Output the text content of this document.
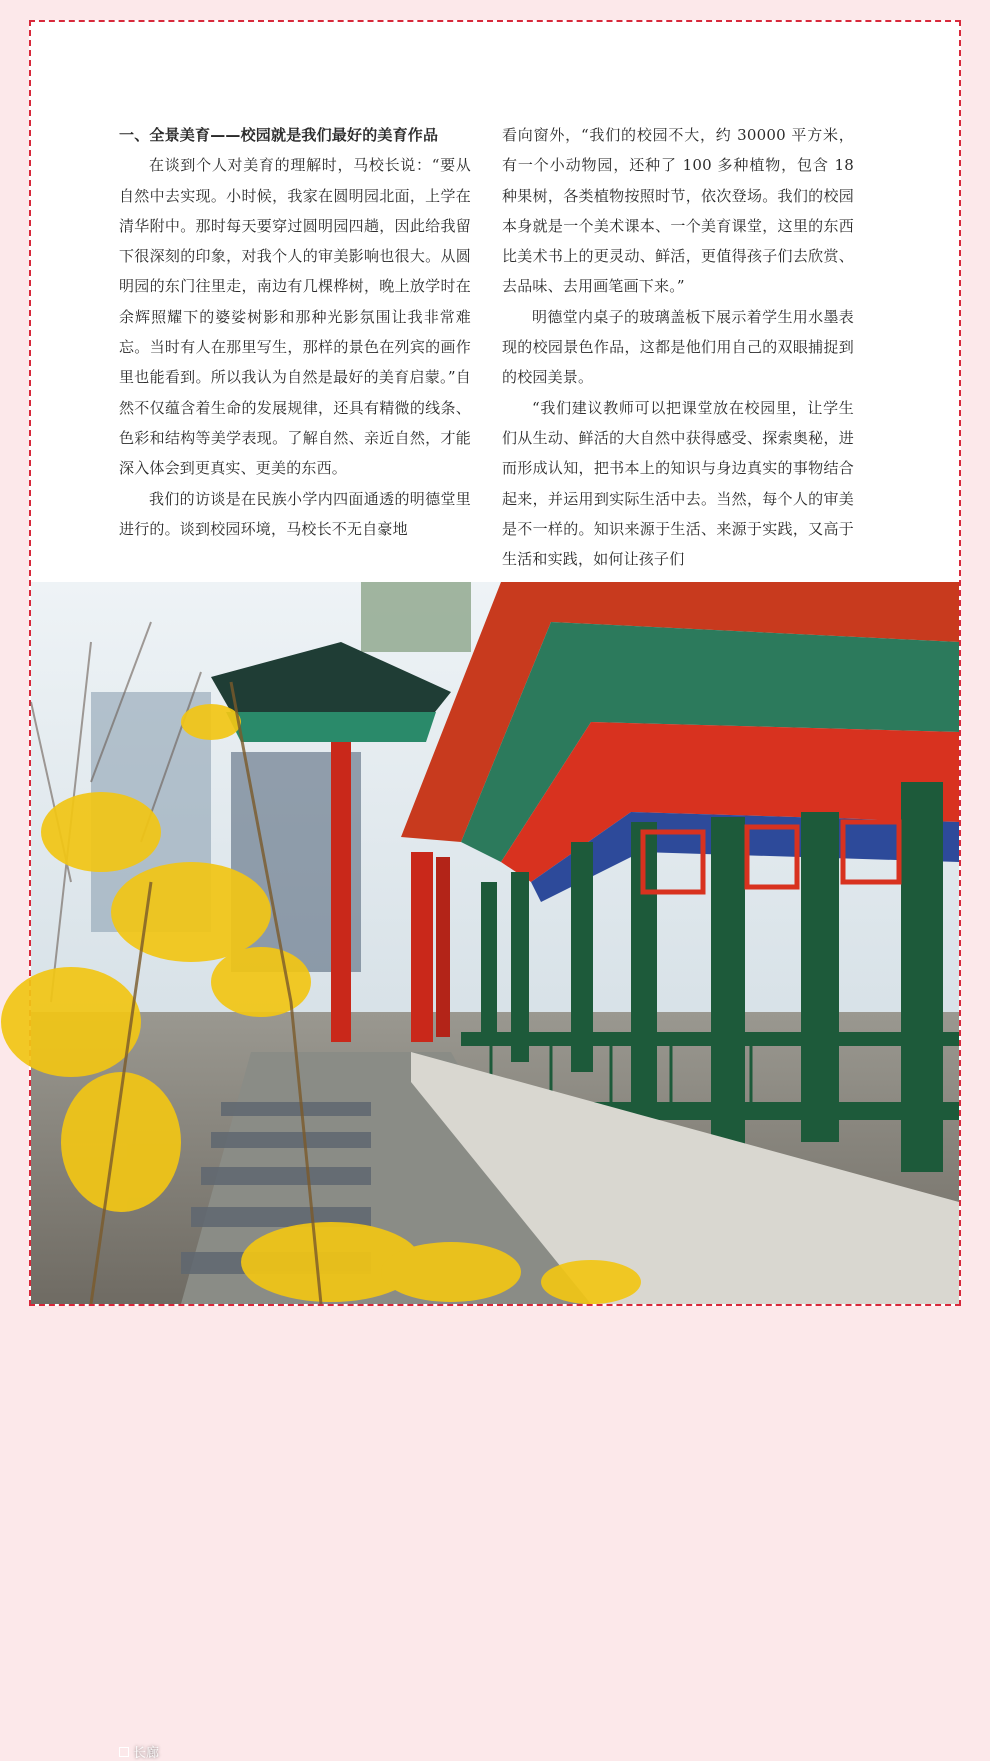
一、全景美育——校园就是我们最好的美育作品

在谈到个人对美育的理解时，马校长说：“要从自然中去实现。小时候，我家在圆明园北面，上学在清华附中。那时每天要穿过圆明园四趟，因此给我留下很深刻的印象，对我个人的审美影响也很大。从圆明园的东门往里走，南边有几棵桦树，晚上放学时在余辉照耀下的婆娑树影和那种光影氛围让我非常难忘。当时有人在那里写生，那样的景色在列宾的画作里也能看到。所以我认为自然是最好的美育启蒙。”自然不仅蕴含着生命的发展规律，还具有精微的线条、色彩和结构等美学表现。了解自然、亲近自然，才能深入体会到更真实、更美的东西。

我们的访谈是在民族小学内四面通透的明德堂里进行的。谈到校园环境，马校长不无自豪地

看向窗外，“我们的校园不大，约 30000 平方米，有一个小动物园，还种了 100 多种植物，包含 18 种果树，各类植物按照时节，依次登场。我们的校园本身就是一个美术课本、一个美育课堂，这里的东西比美术书上的更灵动、鲜活，更值得孩子们去欣赏、去品味、去用画笔画下来。”

明德堂内桌子的玻璃盖板下展示着学生用水墨表现的校园景色作品，这都是他们用自己的双眼捕捉到的校园美景。

“我们建议教师可以把课堂放在校园里，让学生们从生动、鲜活的大自然中获得感受、探索奥秘，进而形成认知，把书本上的知识与身边真实的事物结合起来，并运用到实际生活中去。当然，每个人的审美是不一样的。知识来源于生活、来源于实践，又高于生活和实践，如何让孩子们

长廊
